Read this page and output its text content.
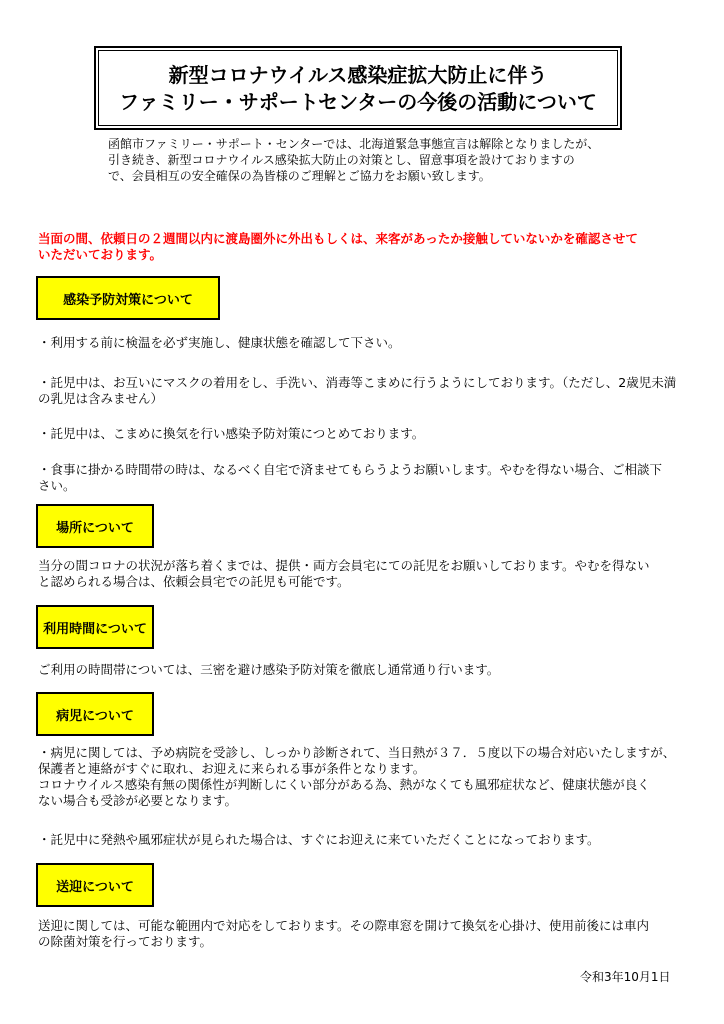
新型コロナウイルス感染症拡大防止に伴う
ファミリー・サポートセンターの今後の活動について

函館市ファミリー・サポート・センターでは、北海道緊急事態宣言は解除となりましたが、

引き続き、新型コロナウイルス感染拡大防止の対策とし、留意事項を設けておりますの

で、会員相互の安全確保の為皆様のご理解とご協力をお願い致します。

当面の間、依頼日の２週間以内に渡島圏外に外出もしくは、来客があったか接触していないかを確認させて

いただいております。

感染予防対策について

・利用する前に検温を必ず実施し、健康状態を確認して下さい。

・託児中は、お互いにマスクの着用をし、手洗い、消毒等こまめに行うようにしております。（ただし、2歳児未満

の乳児は含みません）

・託児中は、こまめに換気を行い感染予防対策につとめております。

・食事に掛かる時間帯の時は、なるべく自宅で済ませてもらうようお願いします。やむを得ない場合、ご相談下

さい。

場所について

当分の間コロナの状況が落ち着くまでは、提供・両方会員宅にての託児をお願いしております。やむを得ない

と認められる場合は、依頼会員宅での託児も可能です。

利用時間について

ご利用の時間帯については、三密を避け感染予防対策を徹底し通常通り行います。

病児について

・病児に関しては、予め病院を受診し、しっかり診断されて、当日熱が３７．５度以下の場合対応いたしますが、

保護者と連絡がすぐに取れ、お迎えに来られる事が条件となります。

コロナウイルス感染有無の関係性が判断しにくい部分がある為、熱がなくても風邪症状など、健康状態が良く

ない場合も受診が必要となります。

・託児中に発熱や風邪症状が見られた場合は、すぐにお迎えに来ていただくことになっております。

送迎について

送迎に関しては、可能な範囲内で対応をしております。その際車窓を開けて換気を心掛け、使用前後には車内

の除菌対策を行っております。

令和3年10月1日
